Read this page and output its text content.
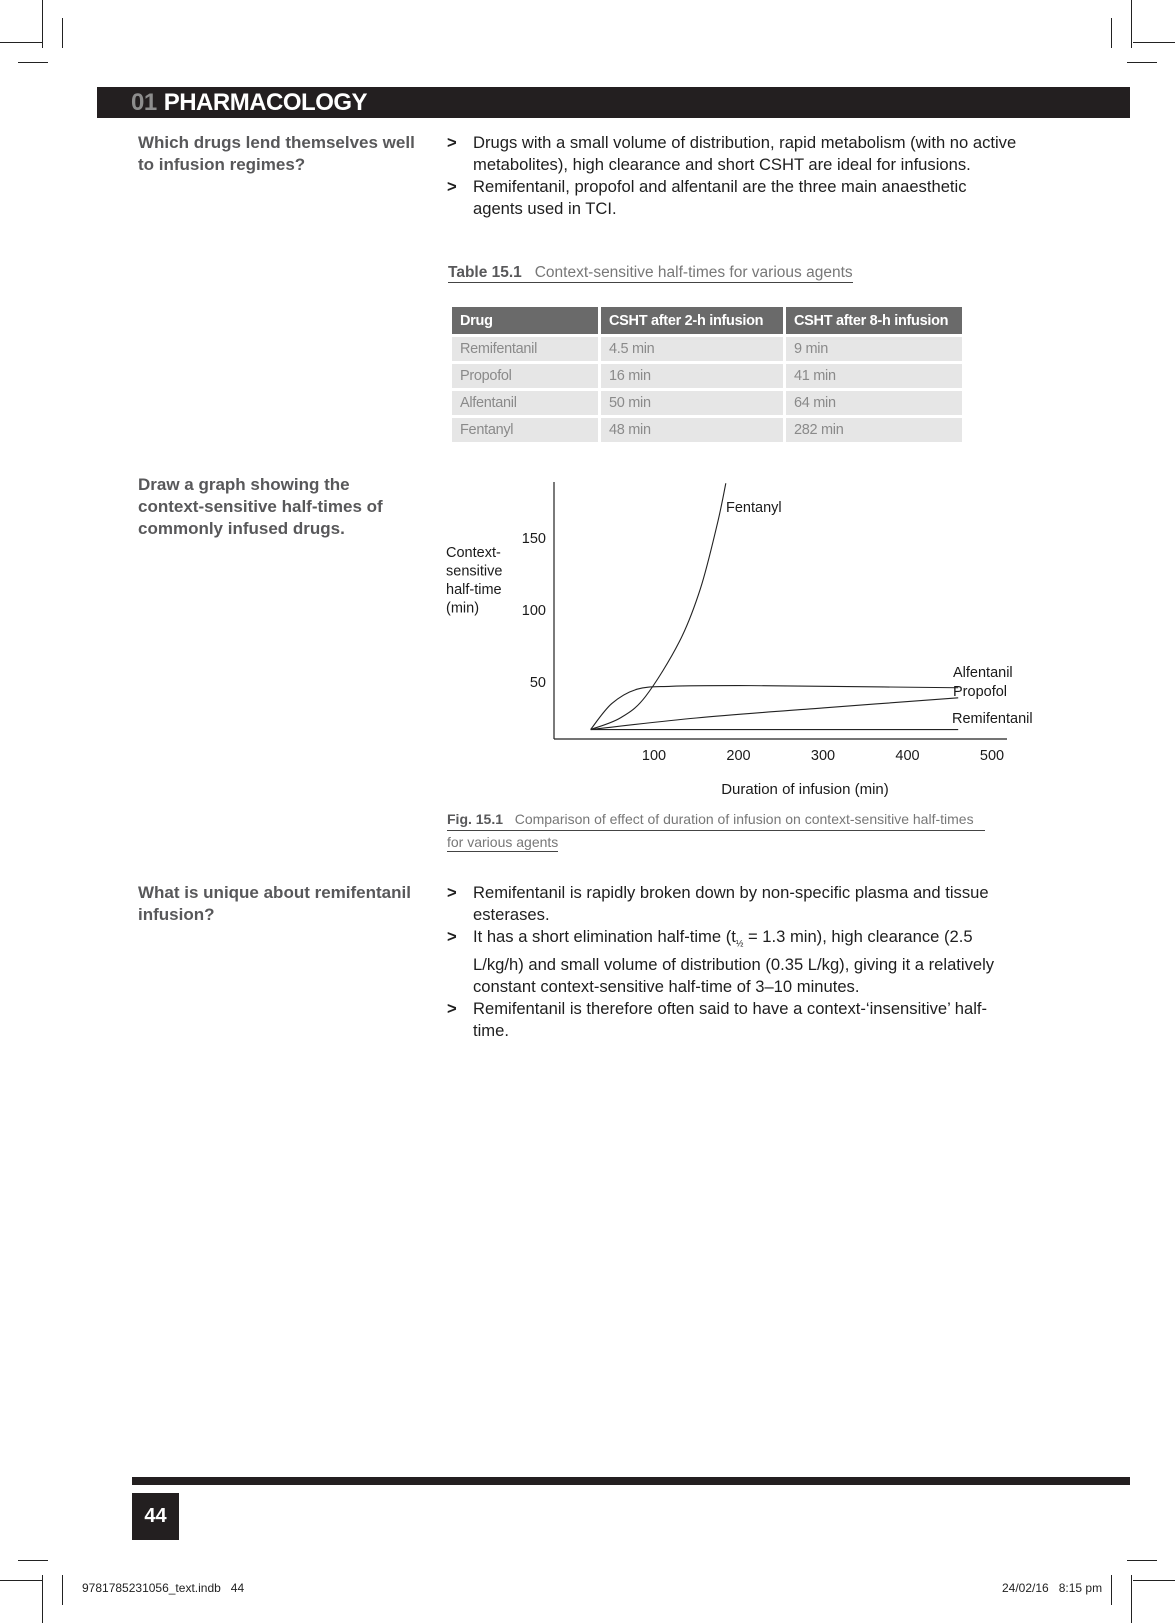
01 PHARMACOLOGY
Which drugs lend themselves well to infusion regimes?
> Drugs with a small volume of distribution, rapid metabolism (with no active metabolites), high clearance and short CSHT are ideal for infusions.
> Remifentanil, propofol and alfentanil are the three main anaesthetic agents used in TCI.
Table 15.1 Context-sensitive half-times for various agents
Drug	CSHT after 2-h infusion	CSHT after 8-h infusion
Remifentanil	4.5 min	9 min
Propofol	16 min	41 min
Alfentanil	50 min	64 min
Fentanyl	48 min	282 min
Draw a graph showing the context-sensitive half-times of commonly infused drugs.
Context-
sensitive
half-time
(min)
50
100
150
100	200	300	400	500
Fentanyl
Alfentanil
Propofol
Remifentanil
Duration of infusion (min)
Fig. 15.1 Comparison of effect of duration of infusion on context-sensitive half-times
for various agents
What is unique about remifentanil infusion?
> Remifentanil is rapidly broken down by non-specific plasma and tissue esterases.
> It has a short elimination half-time ($t_{\frac{1}{2}} = 1.3$ min), high clearance (2.5 L/kg/h) and small volume of distribution (0.35 L/kg), giving it a relatively constant context-sensitive half-time of 3–10 minutes.
> Remifentanil is therefore often said to have a context-‘insensitive’ half-time.
44
9781785231056_text.indb   44	24/02/16   8:15 pm
